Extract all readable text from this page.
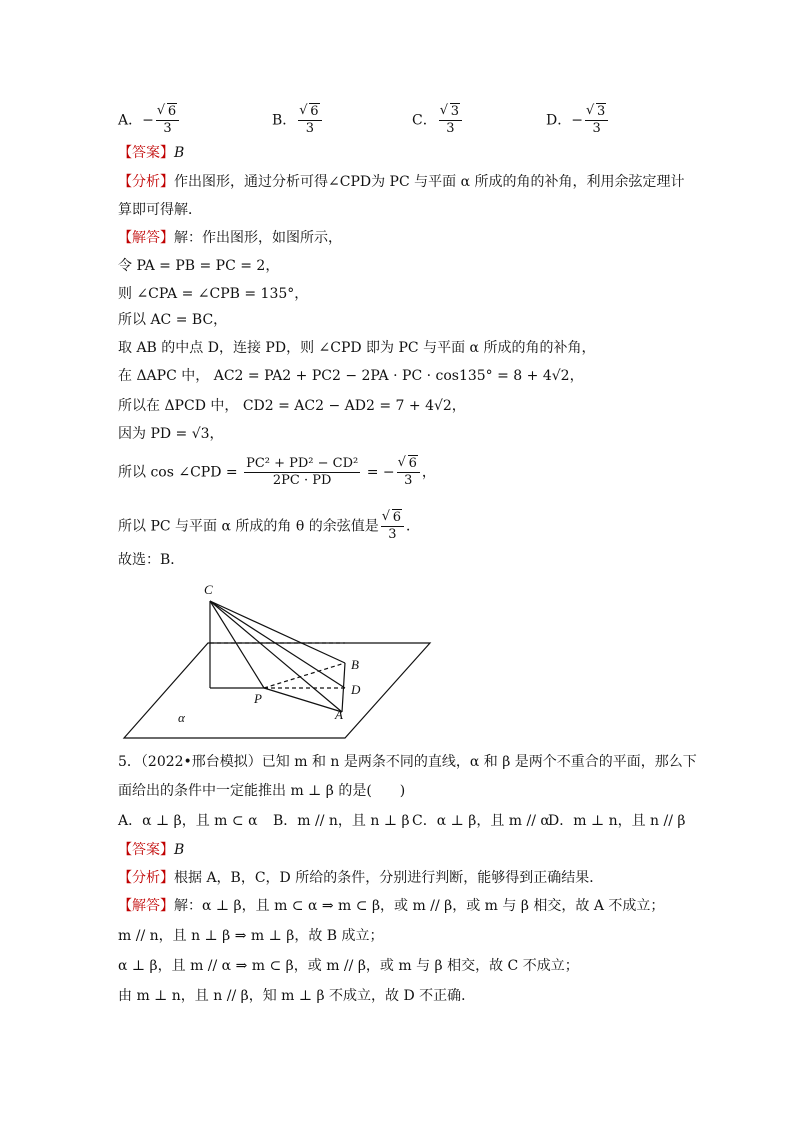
A．− √ $\frac{6}{3}$	B． √ $\frac{6}{3}$	C． √ $\frac{3}{3}$	D．− √ $\frac{3}{3}$
【答案】B
【分析】作出图形，通过分析可得∠CPD为 PC 与平面 α 所成的角的补角，利用余弦定理计
算即可得解．
【解答】解：作出图形，如图所示，
令 PA = PB = PC = 2，
则 ∠CPA = ∠CPB = 135°，
所以 AC = BC，
取 AB 的中点 D，连接 PD，则 ∠CPD 即为 PC 与平面 α 所成的角的补角，
在 ΔAPC 中， AC2 = PA2 + PC2 − 2PA · PC · cos135° = 8 + 4√2，
所以在 ΔPCD 中， CD2 = AC2 − AD2 = 7 + 4√2，
因为 PD = √3，
所以 cos ∠CPD = $\frac{\text{PC² + PD² − CD²}}{2PC \cdot PD}$ = − √ $\frac{6}{3}$ ，
所以 PC 与平面 α 所成的角 θ 的余弦值是 √ $\frac{6}{3}$ ．
故选：B．
C
B
D
P
A
α
5．（2022•邢台模拟）已知 m 和 n 是两条不同的直线，α 和 β 是两个不重合的平面，那么下
面给出的条件中一定能推出 m ⊥ β 的是(　　)
A．α ⊥ β，且 m ⊂ α B．m // n，且 n ⊥ β C．α ⊥ β，且 m // α
D．m ⊥ n，且 n // β
【答案】B
【分析】根据 A，B，C，D 所给的条件，分别进行判断，能够得到正确结果．
【解答】解：α ⊥ β，且 m ⊂ α ⇒ m ⊂ β，或 m // β，或 m 与 β 相交，故 A 不成立；
m // n，且 n ⊥ β ⇒ m ⊥ β，故 B 成立；
α ⊥ β，且 m // α ⇒ m ⊂ β，或 m // β，或 m 与 β 相交，故 C 不成立；
由 m ⊥ n，且 n // β，知 m ⊥ β 不成立，故 D 不正确．
